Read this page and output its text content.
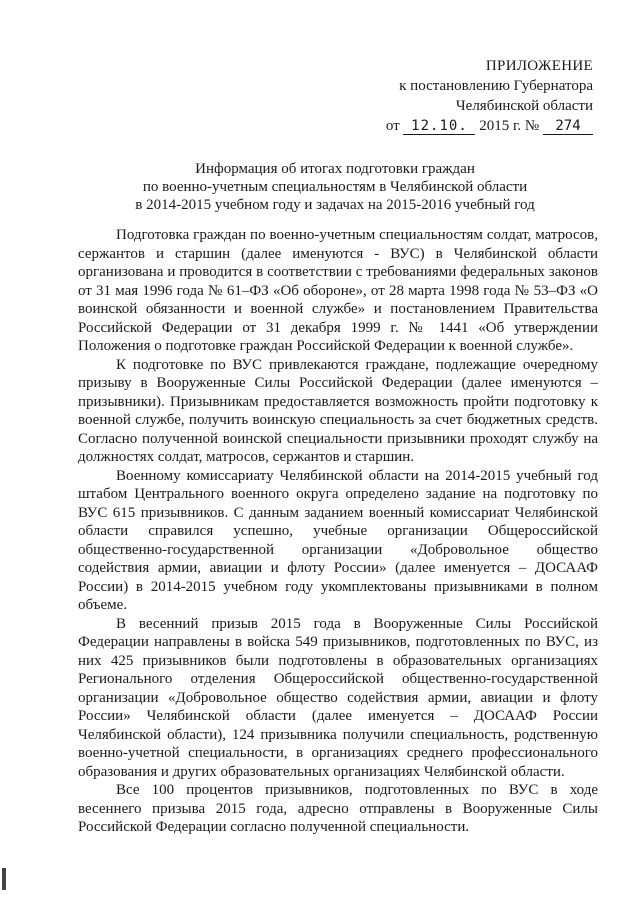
ПРИЛОЖЕНИЕ
к постановлению Губернатора
Челябинской области
от 12.10. 2015 г. № 274
Информация об итогах подготовки граждан
по военно-учетным специальностям в Челябинской области
в 2014-2015 учебном году и задачах на 2015-2016 учебный год

Подготовка граждан по военно-учетным специальностям солдат, матросов, сержантов и старшин (далее именуются - ВУС) в Челябинской области организована и проводится в соответствии с требованиями федеральных законов от 31 мая 1996 года № 61–ФЗ «Об обороне», от 28 марта 1998 года № 53–ФЗ «О воинской обязанности и военной службе» и постановлением Правительства Российской Федерации от 31 декабря 1999 г. № 1441 «Об утверждении Положения о подготовке граждан Российской Федерации к военной службе».

К подготовке по ВУС привлекаются граждане, подлежащие очередному призыву в Вооруженные Силы Российской Федерации (далее именуются – призывники). Призывникам предоставляется возможность пройти подготовку к военной службе, получить воинскую специальность за счет бюджетных средств. Согласно полученной воинской специальности призывники проходят службу на должностях солдат, матросов, сержантов и старшин.

Военному комиссариату Челябинской области на 2014-2015 учебный год штабом Центрального военного округа определено задание на подготовку по ВУС 615 призывников. С данным заданием военный комиссариат Челябинской области справился успешно, учебные организации Общероссийской общественно-государственной организации «Добровольное общество содействия армии, авиации и флоту России» (далее именуется – ДОСААФ России) в 2014-2015 учебном году укомплектованы призывниками в полном объеме.

В весенний призыв 2015 года в Вооруженные Силы Российской Федерации направлены в войска 549 призывников, подготовленных по ВУС, из них 425 призывников были подготовлены в образовательных организациях Регионального отделения Общероссийской общественно-государственной организации «Добровольное общество содействия армии, авиации и флоту России» Челябинской области (далее именуется – ДОСААФ России Челябинской области), 124 призывника получили специальность, родственную военно-учетной специальности, в организациях среднего профессионального образования и других образовательных организациях Челябинской области.

Все 100 процентов призывников, подготовленных по ВУС в ходе весеннего призыва 2015 года, адресно отправлены в Вооруженные Силы Российской Федерации согласно полученной специальности.
